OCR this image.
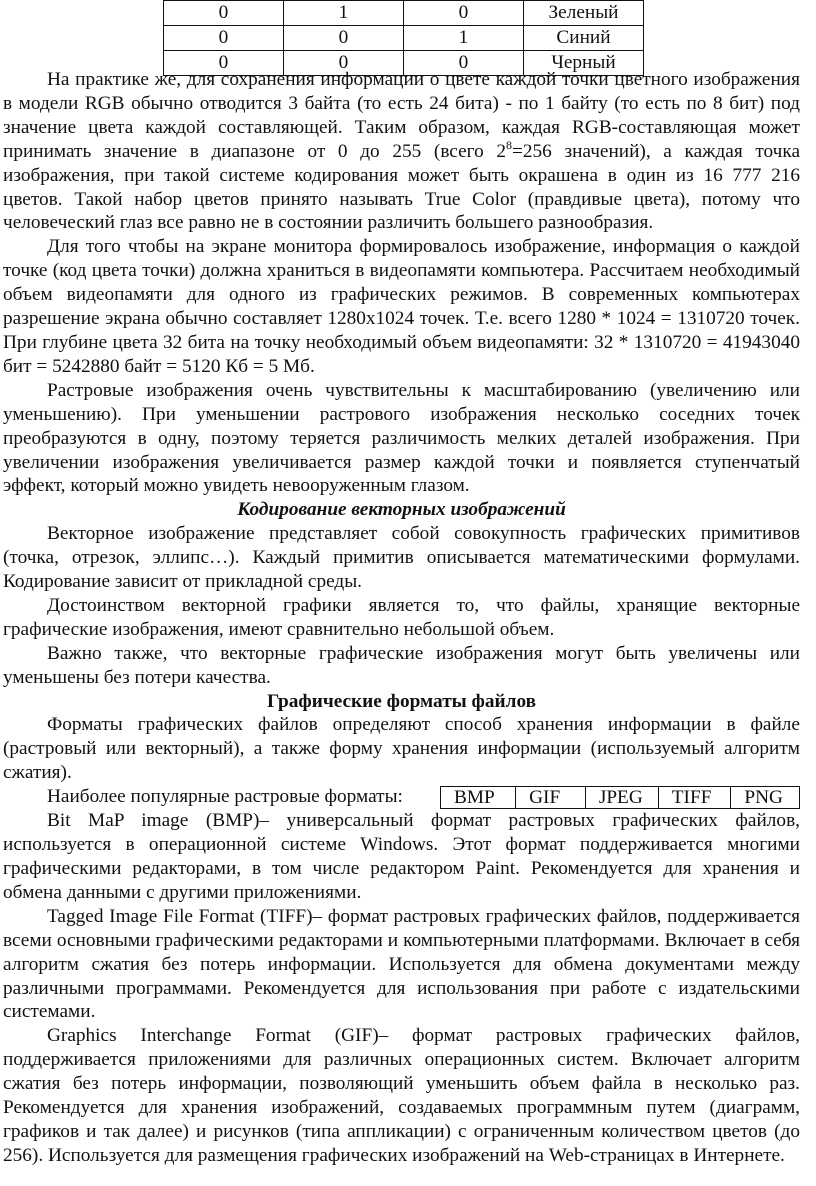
0	1	0	Зеленый
0	0	1	Синий
0	0	0	Черный

На практике же, для сохранения информации о цвете каждой точки цветного изображения в модели RGB обычно отводится 3 байта (то есть 24 бита) - по 1 байту (то есть по 8 бит) под значение цвета каждой составляющей. Таким образом, каждая RGB-составляющая может принимать значение в диапазоне от 0 до 255 (всего $2^8=256$ значений), а каждая точка изображения, при такой системе кодирования может быть окрашена в один из 16 777 216 цветов. Такой набор цветов принято называть True Color (правдивые цвета), потому что человеческий глаз все равно не в состоянии различить большего разнообразия.

Для того чтобы на экране монитора формировалось изображение, информация о каждой точке (код цвета точки) должна храниться в видеопамяти компьютера. Рассчитаем необходимый объем видеопамяти для одного из графических режимов. В современных компьютерах разрешение экрана обычно составляет 1280х1024 точек. Т.е. всего 1280 * 1024 = 1310720 точек. При глубине цвета 32 бита на точку необходимый объем видеопамяти: 32 * 1310720 = 41943040 бит = 5242880 байт = 5120 Кб = 5 Мб.

Растровые изображения очень чувствительны к масштабированию (увеличению или уменьшению). При уменьшении растрового изображения несколько соседних точек преобразуются в одну, поэтому теряется различимость мелких деталей изображения. При увеличении изображения увеличивается размер каждой точки и появляется ступенчатый эффект, который можно увидеть невооруженным глазом.

Кодирование векторных изображений

Векторное изображение представляет собой совокупность графических примитивов (точка, отрезок, эллипс…). Каждый примитив описывается математическими формулами. Кодирование зависит от прикладной среды.

Достоинством векторной графики является то, что файлы, хранящие векторные графические изображения, имеют сравнительно небольшой объем.

Важно также, что векторные графические изображения могут быть увеличены или уменьшены без потери качества.

Графические форматы файлов

Форматы графических файлов определяют способ хранения информации в файле (растровый или векторный), а также форму хранения информации (используемый алгоритм сжатия).

Наиболее популярные растровые форматы:	BMP	GIF	JPEG	TIFF	PNG

Bit MaP image (BMP)– универсальный формат растровых графических файлов, используется в операционной системе Windows. Этот формат поддерживается многими графическими редакторами, в том числе редактором Paint. Рекомендуется для хранения и обмена данными с другими приложениями.

Tagged Image File Format (TIFF)– формат растровых графических файлов, поддерживается всеми основными графическими редакторами и компьютерными платформами. Включает в себя алгоритм сжатия без потерь информации. Используется для обмена документами между различными программами. Рекомендуется для использования при работе с издательскими системами.

Graphics Interchange Format (GIF)– формат растровых графических файлов, поддерживается приложениями для различных операционных систем. Включает алгоритм сжатия без потерь информации, позволяющий уменьшить объем файла в несколько раз. Рекомендуется для хранения изображений, создаваемых программным путем (диаграмм, графиков и так далее) и рисунков (типа аппликации) с ограниченным количеством цветов (до 256). Используется для размещения графических изображений на Web-страницах в Интернете.
